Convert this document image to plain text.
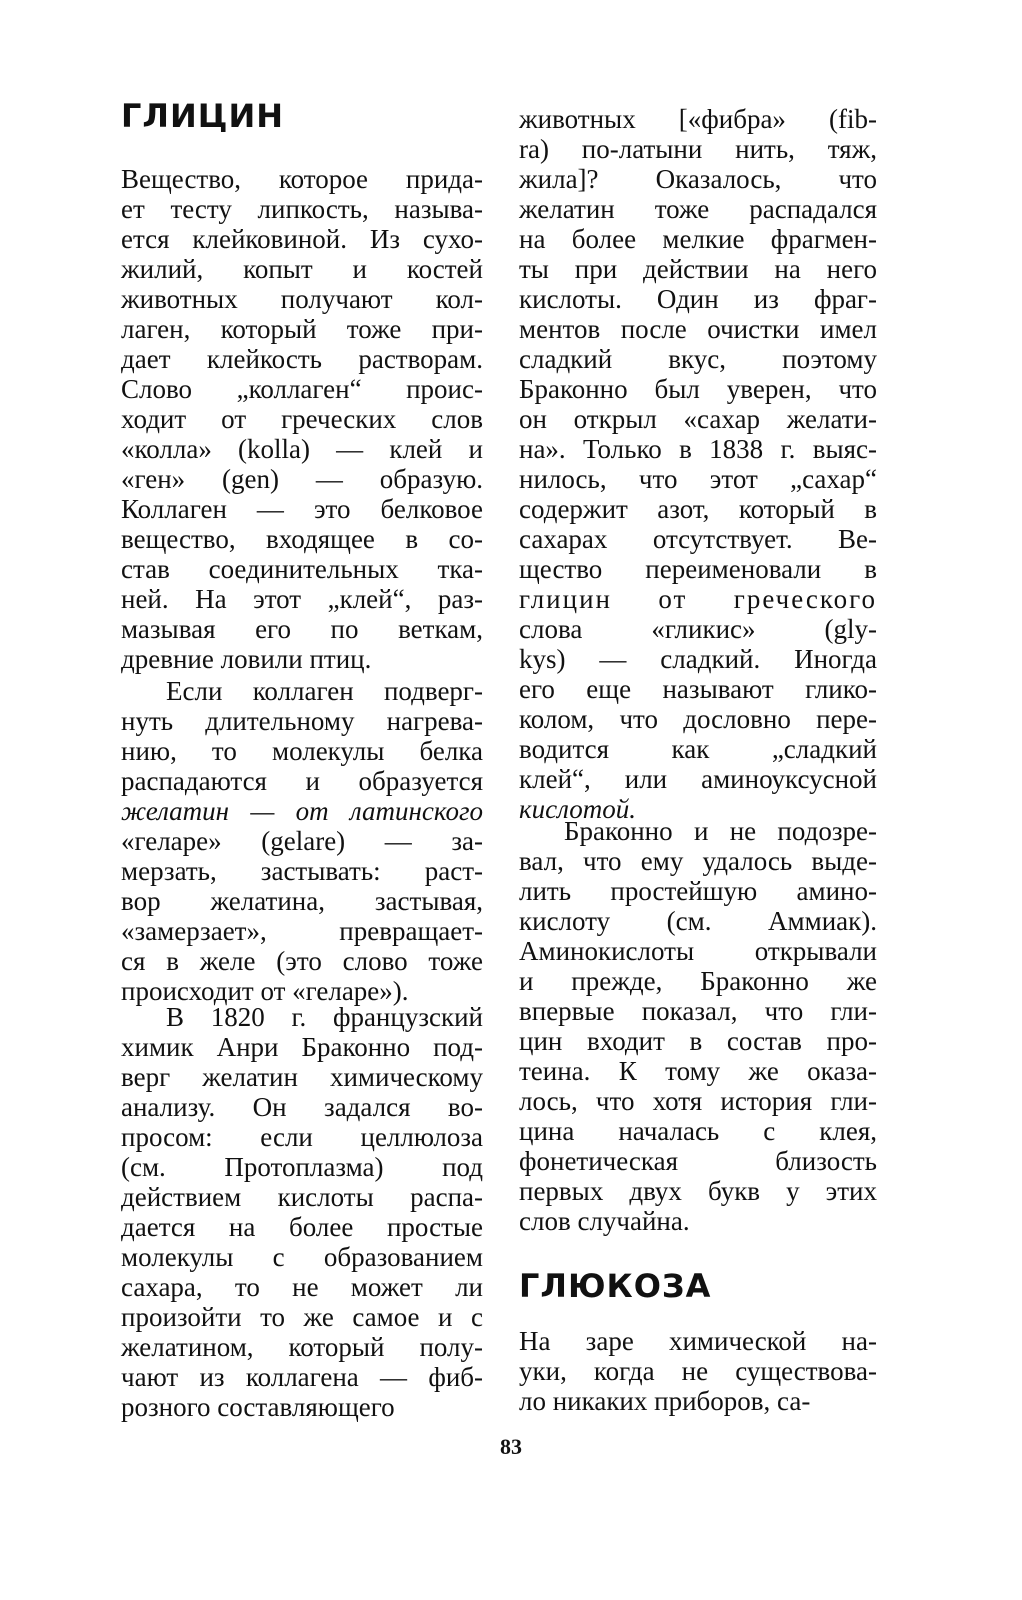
ГЛИЦИН
Вещество, которое прида-
ет тесту липкость, называ-
ется клейковиной. Из сухо-
жилий, копыт и костей
животных получают кол-
лаген, который тоже при-
дает клейкость растворам.
Слово „коллаген“ проис-
ходит от греческих слов
«колла» (kolla) — клей и
«ген» (gen) — образую.
Коллаген — это белковое
вещество, входящее в со-
став соединительных тка-
ней. На этот „клей“, раз-
мазывая его по веткам,
древние ловили птиц.
Если коллаген подверг-
нуть длительному нагрева-
нию, то молекулы белка
распадаются и образуется
желатин — от латинского
«геларе» (gelare) — за-
мерзать, застывать: раст-
вор желатина, застывая,
«замерзает», превращает-
ся в желе (это слово тоже
происходит от «геларе»).
В 1820 г. французский
химик Анри Браконно под-
верг желатин химическому
анализу. Он задался во-
просом: если целлюлоза
(см. Протоплазма) под
действием кислоты распа-
дается на более простые
молекулы с образованием
сахара, то не может ли
произойти то же самое и с
желатином, который полу-
чают из коллагена — фиб-
розного составляющего
животных [«фибра» (fib-
ra) по-латыни нить, тяж,
жила]? Оказалось, что
желатин тоже распадался
на более мелкие фрагмен-
ты при действии на него
кислоты. Один из фраг-
ментов после очистки имел
сладкий вкус, поэтому
Браконно был уверен, что
он открыл «сахар желати-
на». Только в 1838 г. выяс-
нилось, что этот „сахар“
содержит азот, который в
сахарах отсутствует. Ве-
щество переименовали в
глицин от греческого
слова «гликис» (gly-
kys) — сладкий. Иногда
его еще называют глико-
колом, что дословно пере-
водится как „сладкий
клей“, или аминоуксусной
кислотой.
Браконно и не подозре-
вал, что ему удалось выде-
лить простейшую амино-
кислоту (см. Аммиак).
Аминокислоты открывали
и прежде, Браконно же
впервые показал, что гли-
цин входит в состав про-
теина. К тому же оказа-
лось, что хотя история гли-
цина началась с клея,
фонетическая близость
первых двух букв у этих
слов случайна.
ГЛЮКОЗА
На заре химической на-
уки, когда не существова-
ло никаких приборов, са-
83
